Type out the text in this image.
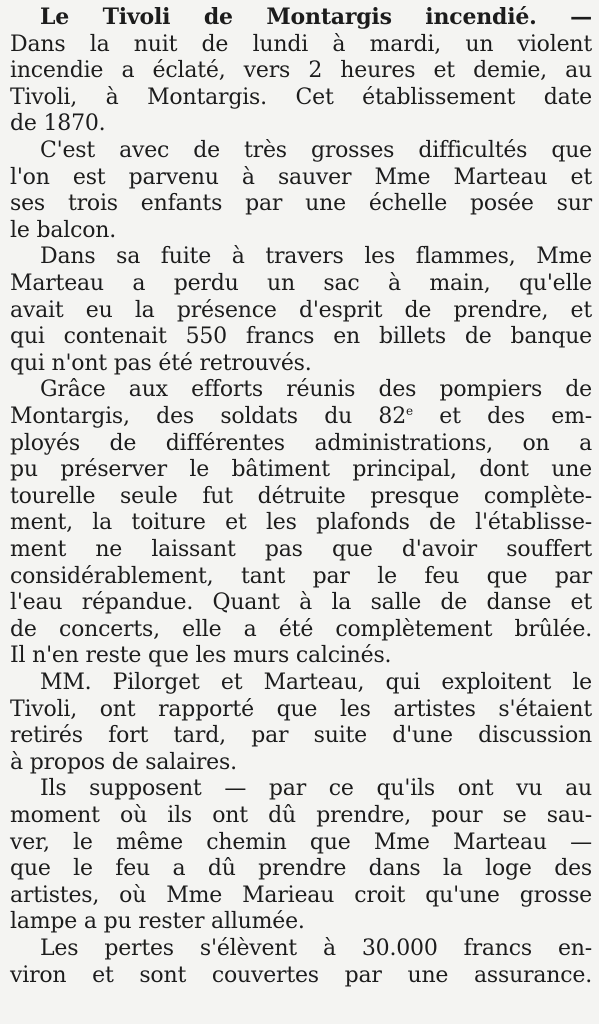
Le Tivoli de Montargis incendié. —
Dans la nuit de lundi à mardi, un violent
incendie a éclaté, vers 2 heures et demie, au
Tivoli, à Montargis. Cet établissement date
de 1870.
C'est avec de très grosses difficultés que
l'on est parvenu à sauver Mme Marteau et
ses trois enfants par une échelle posée sur
le balcon.
Dans sa fuite à travers les flammes, Mme
Marteau a perdu un sac à main, qu'elle
avait eu la présence d'esprit de prendre, et
qui contenait 550 francs en billets de banque
qui n'ont pas été retrouvés.
Grâce aux efforts réunis des pompiers de
Montargis, des soldats du 82e et des em-
ployés de différentes administrations, on a
pu préserver le bâtiment principal, dont une
tourelle seule fut détruite presque complète-
ment, la toiture et les plafonds de l'établisse-
ment ne laissant pas que d'avoir souffert
considérablement, tant par le feu que par
l'eau répandue. Quant à la salle de danse et
de concerts, elle a été complètement brûlée.
Il n'en reste que les murs calcinés.
MM. Pilorget et Marteau, qui exploitent le
Tivoli, ont rapporté que les artistes s'étaient
retirés fort tard, par suite d'une discussion
à propos de salaires.
Ils supposent — par ce qu'ils ont vu au
moment où ils ont dû prendre, pour se sau-
ver, le même chemin que Mme Marteau —
que le feu a dû prendre dans la loge des
artistes, où Mme Marieau croit qu'une grosse
lampe a pu rester allumée.
Les pertes s'élèvent à 30.000 francs en-
viron et sont couvertes par une assurance.
